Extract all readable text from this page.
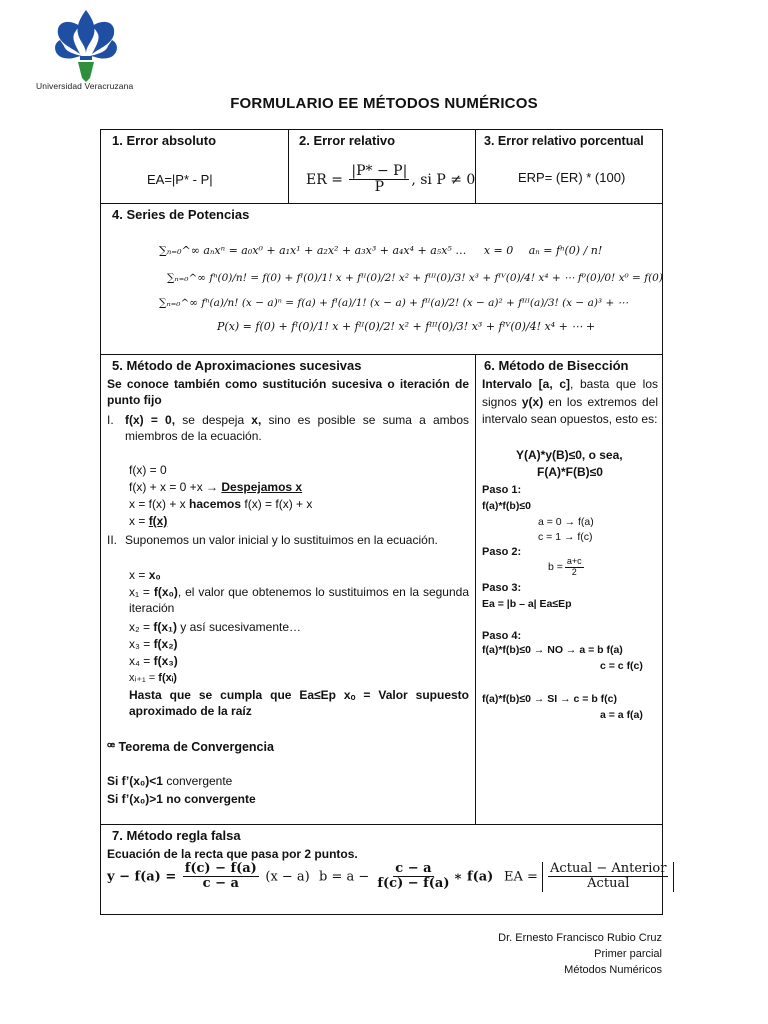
Universidad Veracruzana
FORMULARIO EE MÉTODOS NUMÉRICOS
1. Error absoluto
EA=|P* - P|
2. Error relativo
ER = $\frac{|P* - P|}{P}$ , si P ≠ 0
3. Error relativo porcentual
ERP= (ER) * (100)
4. Series de Potencias
∑ₙ₌₀^∞ aₙxⁿ = a₀x⁰ + a₁x¹ + a₂x² + a₃x³ + a₄x⁴ + a₅x⁵ … x = 0 aₙ = fⁿ(0) / n!
∑ₙ₌₀^∞ fⁿ(0)/n! = f(0) + fᴵ(0)/1! x + fᴵᴵ(0)/2! x² + fᴵᴵᴵ(0)/3! x³ + fᴵⱽ(0)/4! x⁴ + ⋯ f⁰(0)/0! x⁰ = f(0)
∑ₙ₌₀^∞ fⁿ(a)/n! (x − a)ⁿ = f(a) + fᴵ(a)/1! (x − a) + fᴵᴵ(a)/2! (x − a)² + fᴵᴵᴵ(a)/3! (x − a)³ + ⋯
P(x) = f(0) + fᴵ(0)/1! x + fᴵᴵ(0)/2! x² + fᴵᴵᴵ(0)/3! x³ + fᴵⱽ(0)/4! x⁴ + ⋯ +
5. Método de Aproximaciones sucesivas
Se conoce también como sustitución sucesiva o iteración de punto fijo
I. f(x) = 0, se despeja x, sino es posible se suma a ambos miembros de la ecuación.
f(x) = 0
f(x) + x = 0 +x → Despejamos x
x = f(x) + x hacemos f(x) = f(x) + x
x = f(x)
II. Suponemos un valor inicial y lo sustituimos en la ecuación.
x = x₀
x₁ = f(x₀), el valor que obtenemos lo sustituimos en la segunda iteración
x₂ = f(x₁) y así sucesivamente…
x₃ = f(x₂)
x₄ = f(x₃)
xᵢ₊₁ = f(xᵢ)
Hasta que se cumpla que Ea≤Ep xₒ = Valor supuesto aproximado de la raíz
ꟹ Teorema de Convergencia
Si f’(x₀)<1 convergente
Si f’(x₀)>1 no convergente
6. Método de Bisección
Intervalo [a, c], basta que los signos y(x) en los extremos del intervalo sean opuestos, esto es:
Y(A)*y(B)≤0, o sea,
F(A)*F(B)≤0
Paso 1:
f(a)*f(b)≤0
a = 0 → f(a)
c = 1 → f(c)
Paso 2:
$b = \frac{a+c}{2}$
Paso 3:
Ea = |b – a| Ea≤Ep
Paso 4:
f(a)*f(b)≤0 → NO → a = b f(a)
c = c f(c)
f(a)*f(b)≤0 → SI → c = b f(c)
a = a f(a)
7. Método regla falsa
Ecuación de la recta que pasa por 2 puntos.
$y - f(a) = \frac{f(c) - f(a)}{c - a} (x - a) b = a - \frac{c - a}{f(c) - f(a)}$ ∗ f(a) EA = $\frac{\text{Actual − Anterior}}{\text{Actual}}$
Dr. Ernesto Francisco Rubio Cruz
Primer parcial
Métodos Numéricos
